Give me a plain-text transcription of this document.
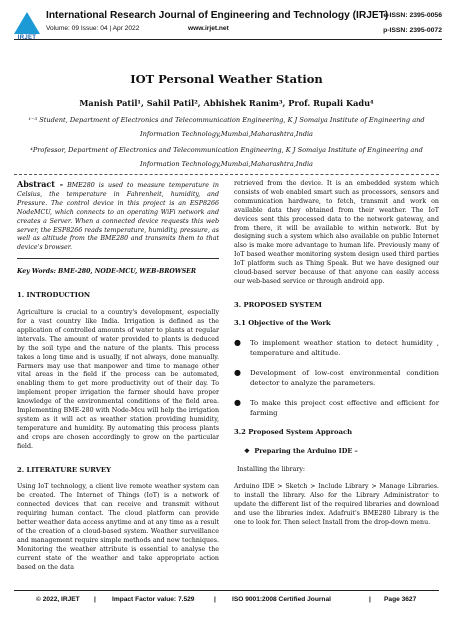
IRJET
International Research Journal of Engineering and Technology (IRJET)
Volume: 09 Issue: 04 | Apr 2022	www.irjet.net
e-ISSN: 2395-0056
p-ISSN: 2395-0072
IOT Personal Weather Station
Manish Patil¹, Sahil Patil², Abhishek Ranim³, Prof. Rupali Kadu⁴
¹⁻³ Student, Department of Electronics and Telecommunication Engineering, K J Somaiya Institute of Engineering and Information Technology,Mumbai,Maharashtra,India
⁴Professor, Department of Electronics and Telecommunication Engineering, K J Somaiya Institute of Engineering and Information Technology,Mumbai,Maharashtra,India

Abstract - BME280 is used to measure temperature in Celsius, the temperature in Fahrenheit, humidity, and Pressure. The control device in this project is an ESP8266 NodeMCU, which connects to an operating WiFi network and creates a Server. When a connected device requests this web server, the ESP8266 reads temperature, humidity, pressure, as well as altitude from the BME280 and transmits them to that device's browser.

Key Words: BME-280, NODE-MCU, WEB-BROWSER

1. INTRODUCTION

Agriculture is crucial to a country's development, especially for a vast country like India. Irrigation is defined as the application of controlled amounts of water to plants at regular intervals. The amount of water provided to plants is deduced by the soil type and the nature of the plants. This process takes a long time and is usually, if not always, done manually. Farmers may use that manpower and time to manage other vital areas in the field if the process can be automated, enabling them to get more productivity out of their day. To implement proper irrigation the farmer should have proper knowledge of the environmental conditions of the field area. Implementing BME-280 with Node-Mcu will help the irrigation system as it will act as weather station providing humidity, temperature and humidity. By automating this process plants and crops are chosen accordingly to grow on the particular field.

2. LITERATURE SURVEY

Using IoT technology, a client live remote weather system can be created. The Internet of Things (IoT) is a network of connected devices that can receive and transmit without requiring human contact. The cloud platform can provide better weather data access anytime and at any time as a result of the creation of a cloud-based system. Weather surveillance and management require simple methods and new techniques. Monitoring the weather attribute is essential to analyse the current state of the weather and take appropriate action based on the data

retrieved from the device. It is an embedded system which consists of web enabled smart such as processors, sensors and communication hardware, to fetch, transmit and work on available data they obtained from their weather. The IoT devices sent this processed data to the network gateway, and from there, it will be available to within network. But by designing such a system which also available on public Internet also is make more advantage to human life. Previously many of IoT based weather monitoring system design used third parties IoT platform such as Thing Speak. But we have designed our cloud-based server because of that anyone can easily access our web-based service or through android app.

3. PROPOSED SYSTEM

3.1 Objective of the Work

● To implement weather station to detect humidity , temperature and altitude.

● Development of low-cost environmental condition detector to analyze the parameters.

● To make this project cost effective and efficient for farming

3.2 Proposed System Approach

❖ Preparing the Arduino IDE –

Installing the library:

Arduino IDE > Sketch > Include Library > Manage Libraries. to install the library. Also for the Library Administrator to update the different list of the required libraries and download and use the libraries index. Adafruit's BME280 Library is the one to look for. Then select Install from the drop-down menu.

© 2022, IRJET | Impact Factor value: 7.529	| ISO 9001:2008 Certified Journal	| Page 3627
